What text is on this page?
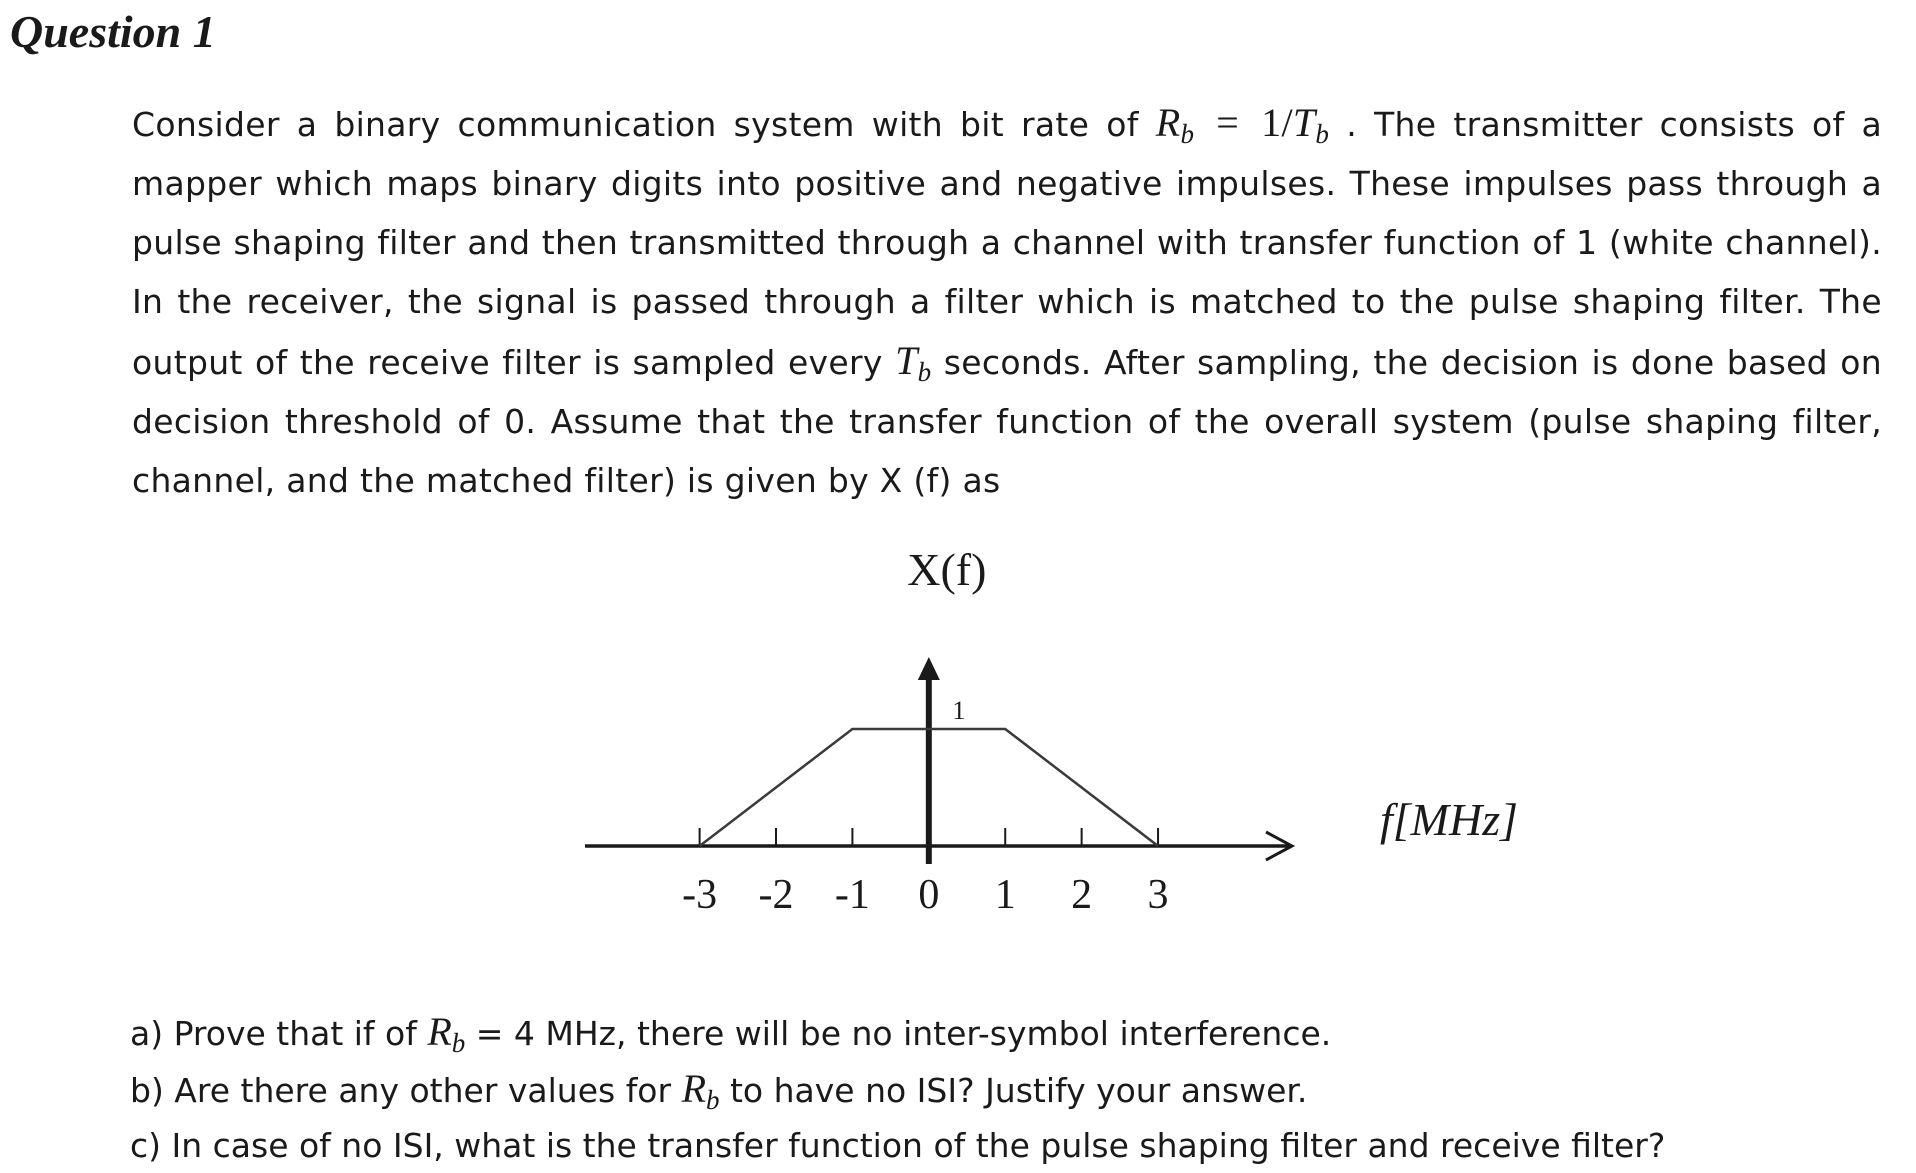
Question 1

Consider a binary communication system with bit rate of $R_b = 1/T_b$ . The transmitter consists of a mapper which maps binary digits into positive and negative impulses. These impulses pass through a pulse shaping filter and then transmitted through a channel with transfer function of 1 (white channel). In the receiver, the signal is passed through a filter which is matched to the pulse shaping filter. The output of the receive filter is sampled every $T_b$ seconds. After sampling, the decision is done based on decision threshold of 0. Assume that the transfer function of the overall system (pulse shaping filter, channel, and the matched filter) is given by X (f) as

-3 -2 -1 0 1 2 3
1
X(f)
f[MHz]
a) Prove that if of $R_b = 4$ MHz, there will be no inter-symbol interference.
b) Are there any other values for $R_b$ to have no ISI? Justify your answer.
c) In case of no ISI, what is the transfer function of the pulse shaping filter and receive filter?
